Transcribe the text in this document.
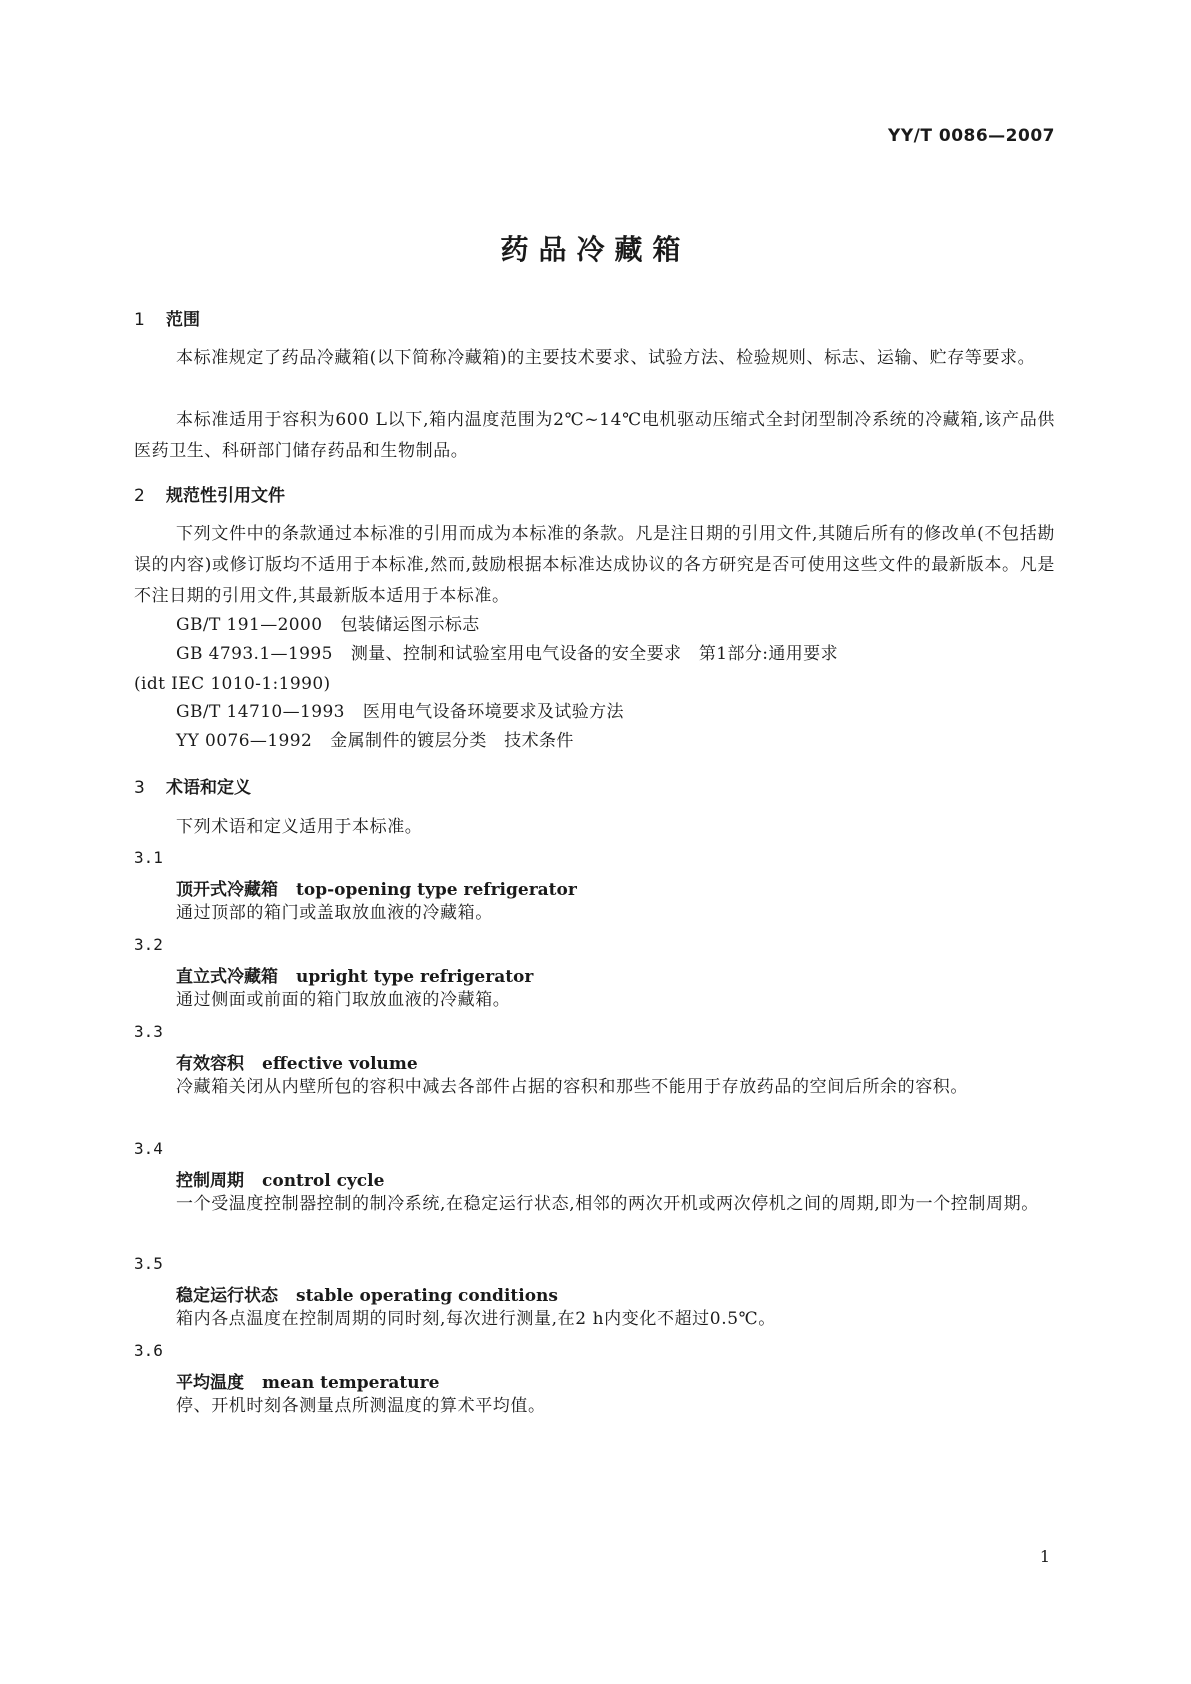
YY/T 0086—2007
药品冷藏箱
1 范围
本标准规定了药品冷藏箱(以下简称冷藏箱)的主要技术要求、试验方法、检验规则、标志、运输、贮存等要求。
本标准适用于容积为600 L以下,箱内温度范围为2℃~14℃电机驱动压缩式全封闭型制冷系统的冷藏箱,该产品供医药卫生、科研部门储存药品和生物制品。
2 规范性引用文件
下列文件中的条款通过本标准的引用而成为本标准的条款。凡是注日期的引用文件,其随后所有的修改单(不包括勘误的内容)或修订版均不适用于本标准,然而,鼓励根据本标准达成协议的各方研究是否可使用这些文件的最新版本。凡是不注日期的引用文件,其最新版本适用于本标准。
GB/T 191—2000 包装储运图示标志
GB 4793.1—1995 测量、控制和试验室用电气设备的安全要求　第1部分:通用要求
(idt IEC 1010-1:1990)
GB/T 14710—1993 医用电气设备环境要求及试验方法
YY 0076—1992 金属制件的镀层分类　技术条件
3 术语和定义
下列术语和定义适用于本标准。
3.1
顶开式冷藏箱 top-opening type refrigerator
通过顶部的箱门或盖取放血液的冷藏箱。
3.2
直立式冷藏箱 upright type refrigerator
通过侧面或前面的箱门取放血液的冷藏箱。
3.3
有效容积 effective volume
冷藏箱关闭从内壁所包的容积中减去各部件占据的容积和那些不能用于存放药品的空间后所余的容积。
3.4
控制周期 control cycle
一个受温度控制器控制的制冷系统,在稳定运行状态,相邻的两次开机或两次停机之间的周期,即为一个控制周期。
3.5
稳定运行状态 stable operating conditions
箱内各点温度在控制周期的同时刻,每次进行测量,在2 h内变化不超过0.5℃。
3.6
平均温度 mean temperature
停、开机时刻各测量点所测温度的算术平均值。
1
